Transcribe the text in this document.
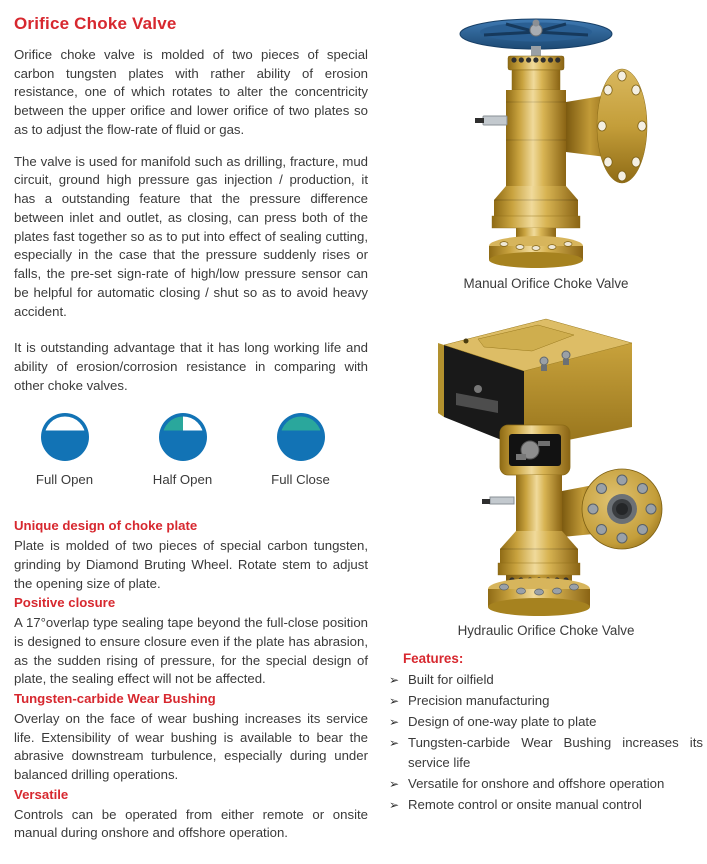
Orifice Choke Valve

Orifice choke valve is molded of two pieces of special carbon tungsten plates with rather ability of erosion resistance, one of which rotates to alter the concentricity between the upper orifice and lower orifice of two plates so as to adjust the flow-rate of fluid or gas.

The valve is used for manifold such as drilling, fracture, mud circuit, ground high pressure gas injection / production, it has a outstanding feature that the pressure difference between inlet and outlet, as closing, can press both of the plates fast together so as to put into effect of sealing cutting, especially in the case that the pressure suddenly rises or falls, the pre-set sign-rate of high/low pressure sensor can be helpful for automatic closing / shut so as to avoid heavy accident.

It is outstanding advantage that it has long working life and ability of erosion/corrosion resistance in comparing with other choke valves.

Full Open	Half Open	Full Close
Unique design of choke plate

Plate is molded of two pieces of special carbon tungsten, grinding by Diamond Bruting Wheel. Rotate stem to adjust the opening size of plate.

Positive closure

A 17°overlap type sealing tape beyond the full-close position is designed to ensure closure even if the plate has abrasion, as the sudden rising of pressure, for the special design of plate, the sealing effect will not be affected.

Tungsten-carbide Wear Bushing

Overlay on the face of wear bushing increases its service life. Extensibility of wear bushing is available to bear the abrasive downstream turbulence, especially during under balanced drilling operations.

Versatile

Controls can be operated from either remote or onsite manual during onshore and offshore operation.

Manual Orifice Choke Valve
Hydraulic Orifice Choke Valve
Features:
➢ Built for oilfield
➢ Precision manufacturing
➢ Design of one-way plate to plate
➢ Tungsten-carbide Wear Bushing increases its service life
➢ Versatile for onshore and offshore operation
➢ Remote control or onsite manual control
